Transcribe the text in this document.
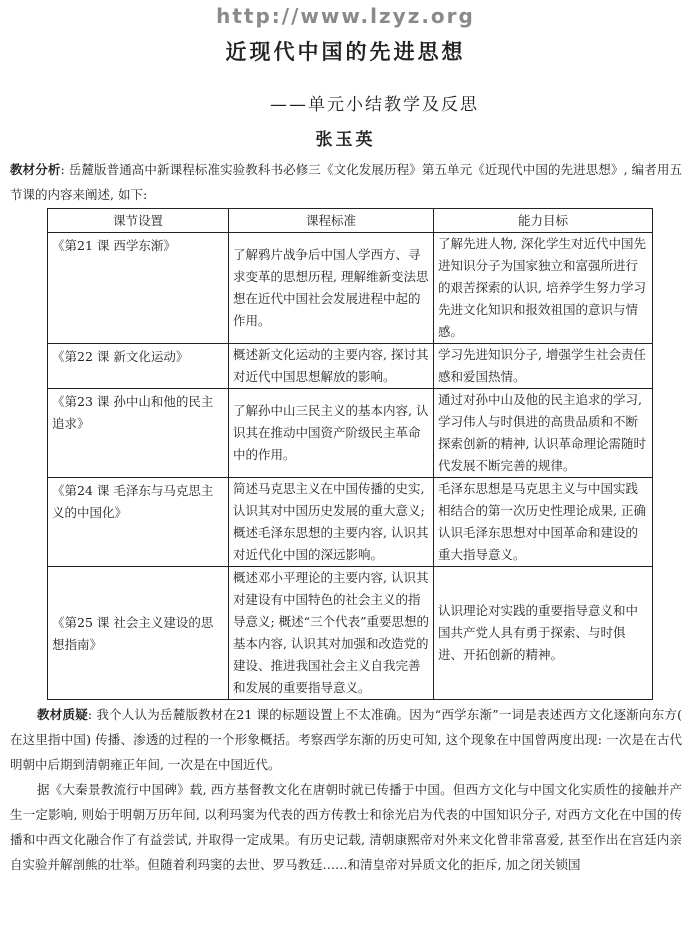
http://www.lzyz.org
近现代中国的先进思想
——单元小结教学及反思
张玉英

教材分析: 岳麓版普通高中新课程标准实验教科书必修三《文化发展历程》第五单元《近现代中国的先进思想》, 编者用五节课的内容来阐述, 如下:

课节设置	课程标准	能力目标
《第21 课 西学东渐》	了解鸦片战争后中国人学西方、寻求变革的思想历程, 理解维新变法思想在近代中国社会发展进程中起的作用。	了解先进人物, 深化学生对近代中国先进知识分子为国家独立和富强所进行的艰苦探索的认识, 培养学生努力学习先进文化知识和报效祖国的意识与情感。
《第22 课 新文化运动》	概述新文化运动的主要内容, 探讨其对近代中国思想解放的影响。	学习先进知识分子, 增强学生社会责任感和爱国热情。
《第23 课 孙中山和他的民主追求》	了解孙中山三民主义的基本内容, 认识其在推动中国资产阶级民主革命中的作用。	通过对孙中山及他的民主追求的学习, 学习伟人与时俱进的高贵品质和不断探索创新的精神, 认识革命理论需随时代发展不断完善的规律。
《第24 课 毛泽东与马克思主义的中国化》	简述马克思主义在中国传播的史实, 认识其对中国历史发展的重大意义; 概述毛泽东思想的主要内容, 认识其对近代化中国的深远影响。	毛泽东思想是马克思主义与中国实践相结合的第一次历史性理论成果, 正确认识毛泽东思想对中国革命和建设的重大指导意义。
《第25 课 社会主义建设的思想指南》	概述邓小平理论的主要内容, 认识其对建设有中国特色的社会主义的指导意义; 概述“三个代表”重要思想的基本内容, 认识其对加强和改造党的建设、推进我国社会主义自我完善和发展的重要指导意义。	认识理论对实践的重要指导意义和中国共产党人具有勇于探索、与时俱进、开拓创新的精神。

教材质疑: 我个人认为岳麓版教材在21 课的标题设置上不太准确。因为“西学东渐”一词是表述西方文化逐渐向东方( 在这里指中国) 传播、渗透的过程的一个形象概括。考察西学东渐的历史可知, 这个现象在中国曾两度出现: 一次是在古代明朝中后期到清朝雍正年间, 一次是在中国近代。

据《大秦景教流行中国碑》载, 西方基督教文化在唐朝时就已传播于中国。但西方文化与中国文化实质性的接触并产生一定影响, 则始于明朝万历年间, 以利玛窦为代表的西方传教士和徐光启为代表的中国知识分子, 对西方文化在中国的传播和中西文化融合作了有益尝试, 并取得一定成果。有历史记载, 清朝康熙帝对外来文化曾非常喜爱, 甚至作出在宫廷内亲自实验并解剖熊的壮举。但随着利玛窦的去世、罗马教廷……和清皇帝对异质文化的拒斥, 加之闭关锁国
